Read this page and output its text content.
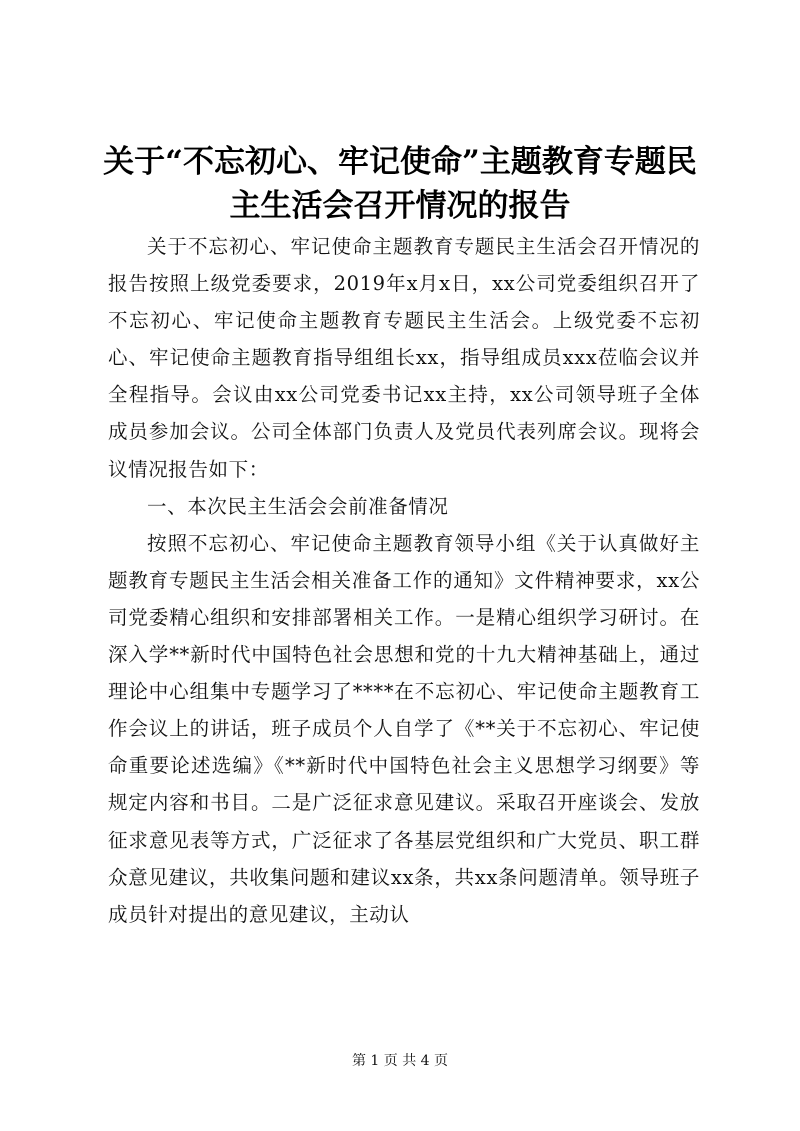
关于“不忘初心、牢记使命”主题教育专题民
主生活会召开情况的报告

关于不忘初心、牢记使命主题教育专题民主生活会召开情况的报告按照上级党委要求，2019年x月x日，xx公司党委组织召开了不忘初心、牢记使命主题教育专题民主生活会。上级党委不忘初心、牢记使命主题教育指导组组长xx，指导组成员xxx莅临会议并全程指导。会议由xx公司党委书记xx主持，xx公司领导班子全体成员参加会议。公司全体部门负责人及党员代表列席会议。现将会议情况报告如下：

一、本次民主生活会会前准备情况

按照不忘初心、牢记使命主题教育领导小组《关于认真做好主题教育专题民主生活会相关准备工作的通知》文件精神要求，xx公司党委精心组织和安排部署相关工作。一是精心组织学习研讨。在深入学**新时代中国特色社会思想和党的十九大精神基础上，通过理论中心组集中专题学习了****在不忘初心、牢记使命主题教育工作会议上的讲话，班子成员个人自学了《**关于不忘初心、牢记使命重要论述选编》《**新时代中国特色社会主义思想学习纲要》等规定内容和书目。二是广泛征求意见建议。采取召开座谈会、发放征求意见表等方式，广泛征求了各基层党组织和广大党员、职工群众意见建议，共收集问题和建议xx条，共xx条问题清单。领导班子成员针对提出的意见建议，主动认

第 1 页 共 4 页
